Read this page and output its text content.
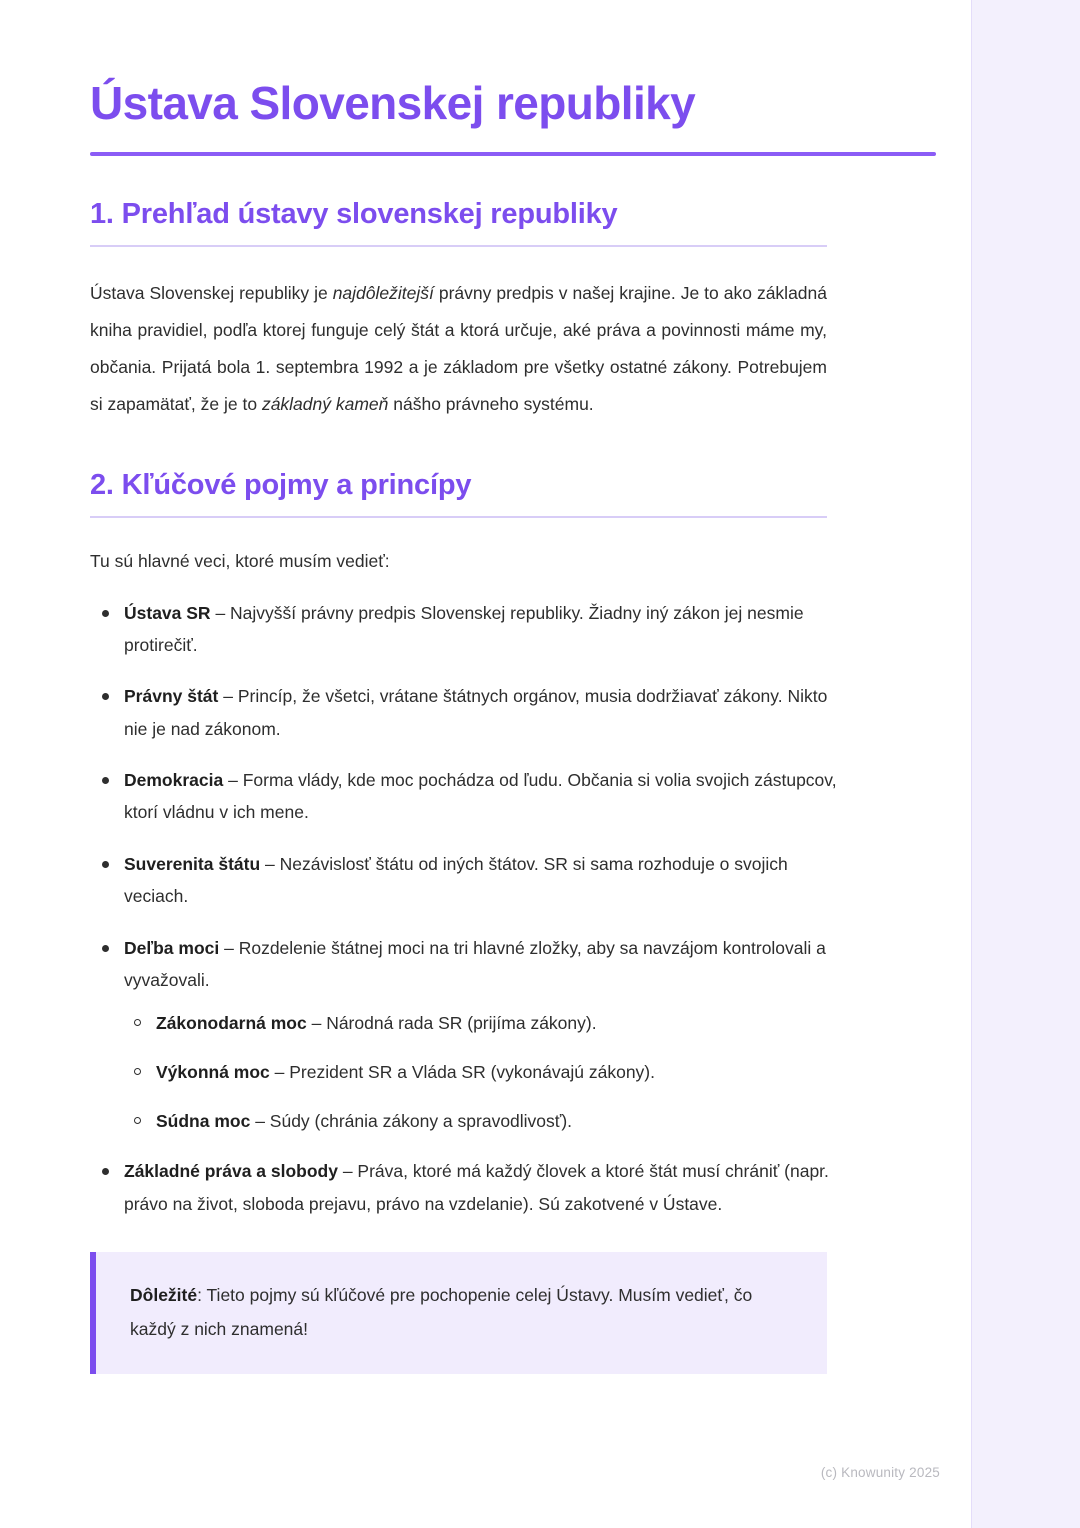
Ústava Slovenskej republiky
1. Prehľad ústavy slovenskej republiky

Ústava Slovenskej republiky je najdôležitejší právny predpis v našej krajine. Je to ako základná kniha pravidiel, podľa ktorej funguje celý štát a ktorá určuje, aké práva a povinnosti máme my, občania. Prijatá bola 1. septembra 1992 a je základom pre všetky ostatné zákony. Potrebujem si zapamätať, že je to základný kameň nášho právneho systému.

2. Kľúčové pojmy a princípy

Tu sú hlavné veci, ktoré musím vedieť:

Ústava SR – Najvyšší právny predpis Slovenskej republiky. Žiadny iný zákon jej nesmie protirečiť.
Právny štát – Princíp, že všetci, vrátane štátnych orgánov, musia dodržiavať zákony. Nikto nie je nad zákonom.
Demokracia – Forma vlády, kde moc pochádza od ľudu. Občania si volia svojich zástupcov, ktorí vládnu v ich mene.
Suverenita štátu – Nezávislosť štátu od iných štátov. SR si sama rozhoduje o svojich veciach.
Deľba moci – Rozdelenie štátnej moci na tri hlavné zložky, aby sa navzájom kontrolovali a vyvažovali.
Zákonodarná moc – Národná rada SR (prijíma zákony).
Výkonná moc – Prezident SR a Vláda SR (vykonávajú zákony).
Súdna moc – Súdy (chránia zákony a spravodlivosť).
Základné práva a slobody – Práva, ktoré má každý človek a ktoré štát musí chrániť (napr. právo na život, sloboda prejavu, právo na vzdelanie). Sú zakotvené v Ústave.
Dôležité: Tieto pojmy sú kľúčové pre pochopenie celej Ústavy. Musím vedieť, čo každý z nich znamená!
(c) Knowunity 2025
